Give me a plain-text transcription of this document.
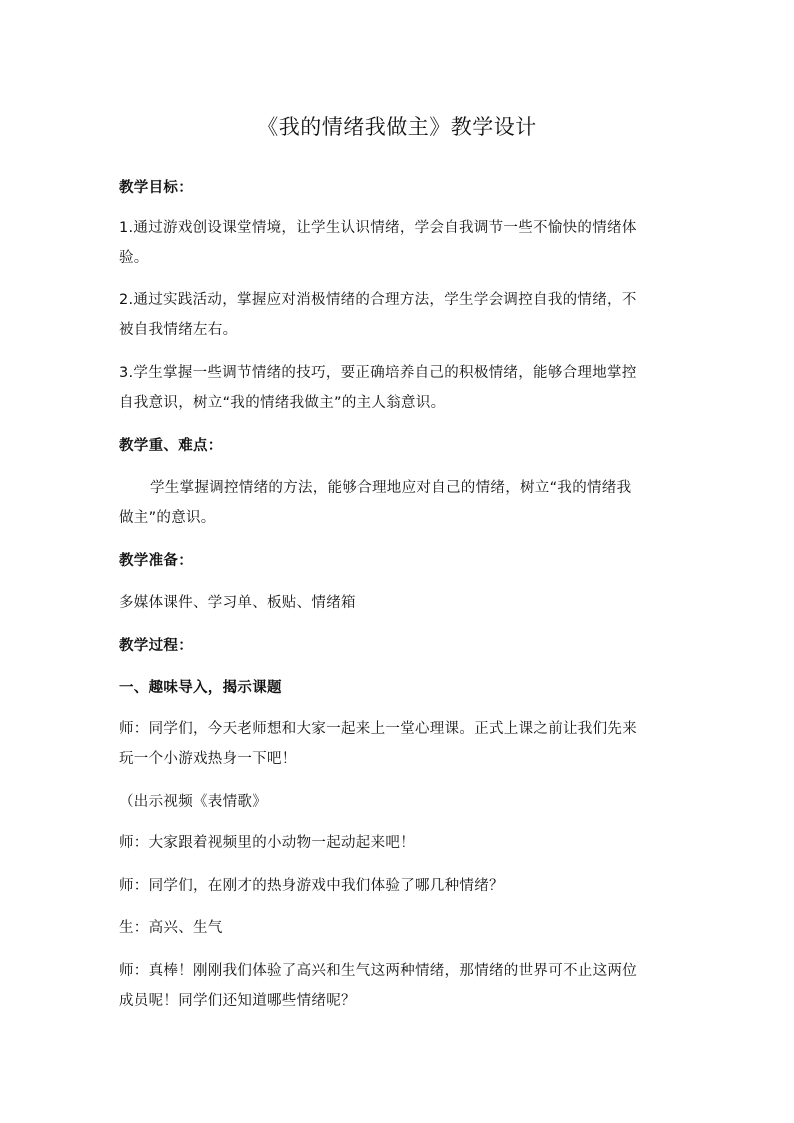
《我的情绪我做主》教学设计
教学目标：
1.通过游戏创设课堂情境，让学生认识情绪，学会自我调节一些不愉快的情绪体
验。
2.通过实践活动，掌握应对消极情绪的合理方法，学生学会调控自我的情绪，不
被自我情绪左右。
3.学生掌握一些调节情绪的技巧，要正确培养自己的积极情绪，能够合理地掌控
自我意识，树立“我的情绪我做主”的主人翁意识。
教学重、难点：
学生掌握调控情绪的方法，能够合理地应对自己的情绪，树立“我的情绪我
做主”的意识。
教学准备：
多媒体课件、学习单、板贴、情绪箱
教学过程：
一、趣味导入，揭示课题
师：同学们，今天老师想和大家一起来上一堂心理课。正式上课之前让我们先来
玩一个小游戏热身一下吧！
（出示视频《表情歌》
师：大家跟着视频里的小动物一起动起来吧！
师：同学们，在刚才的热身游戏中我们体验了哪几种情绪？
生：高兴、生气
师：真棒！刚刚我们体验了高兴和生气这两种情绪，那情绪的世界可不止这两位
成员呢！同学们还知道哪些情绪呢？
